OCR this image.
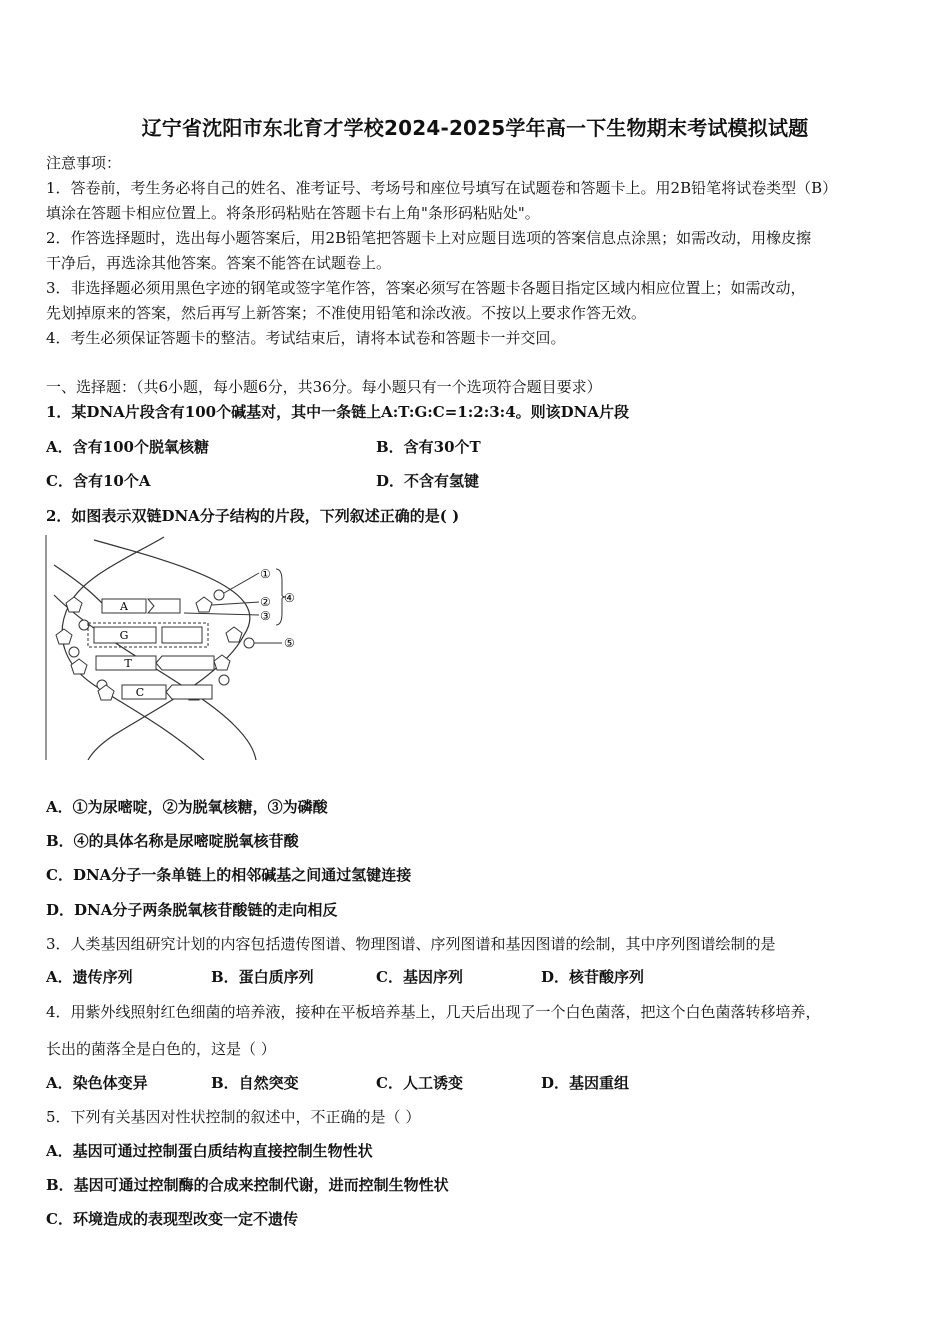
辽宁省沈阳市东北育才学校2024-2025学年高一下生物期末考试模拟试题
注意事项：
1．答卷前，考生务必将自己的姓名、准考证号、考场号和座位号填写在试题卷和答题卡上。用2B铅笔将试卷类型（B）
填涂在答题卡相应位置上。将条形码粘贴在答题卡右上角"条形码粘贴处"。
2．作答选择题时，选出每小题答案后，用2B铅笔把答题卡上对应题目选项的答案信息点涂黑；如需改动，用橡皮擦
干净后，再选涂其他答案。答案不能答在试题卷上。
3．非选择题必须用黑色字迹的钢笔或签字笔作答，答案必须写在答题卡各题目指定区域内相应位置上；如需改动，
先划掉原来的答案，然后再写上新答案；不准使用铅笔和涂改液。不按以上要求作答无效。
4．考生必须保证答题卡的整洁。考试结束后，请将本试卷和答题卡一并交回。
一、选择题：（共6小题，每小题6分，共36分。每小题只有一个选项符合题目要求）
1．某DNA片段含有100个碱基对，其中一条链上A:T:G:C=1:2:3:4。则该DNA片段
A．含有100个脱氧核糖	B．含有30个T
C．含有10个A	D．不含有氢键
2．如图表示双链DNA分子结构的片段，下列叙述正确的是( )
A
G
T
C
①
②
③
④
⑤
A．①为尿嘧啶，②为脱氧核糖，③为磷酸
B．④的具体名称是尿嘧啶脱氧核苷酸
C．DNA分子一条单链上的相邻碱基之间通过氢键连接
D．DNA分子两条脱氧核苷酸链的走向相反
3．人类基因组研究计划的内容包括遗传图谱、物理图谱、序列图谱和基因图谱的绘制，其中序列图谱绘制的是
A．遗传序列	B．蛋白质序列	C．基因序列	D．核苷酸序列
4．用紫外线照射红色细菌的培养液，接种在平板培养基上，几天后出现了一个白色菌落，把这个白色菌落转移培养，
长出的菌落全是白色的，这是（ ）
A．染色体变异	B．自然突变	C．人工诱变	D．基因重组
5．下列有关基因对性状控制的叙述中，不正确的是（ ）
A．基因可通过控制蛋白质结构直接控制生物性状
B．基因可通过控制酶的合成来控制代谢，进而控制生物性状
C．环境造成的表现型改变一定不遗传
